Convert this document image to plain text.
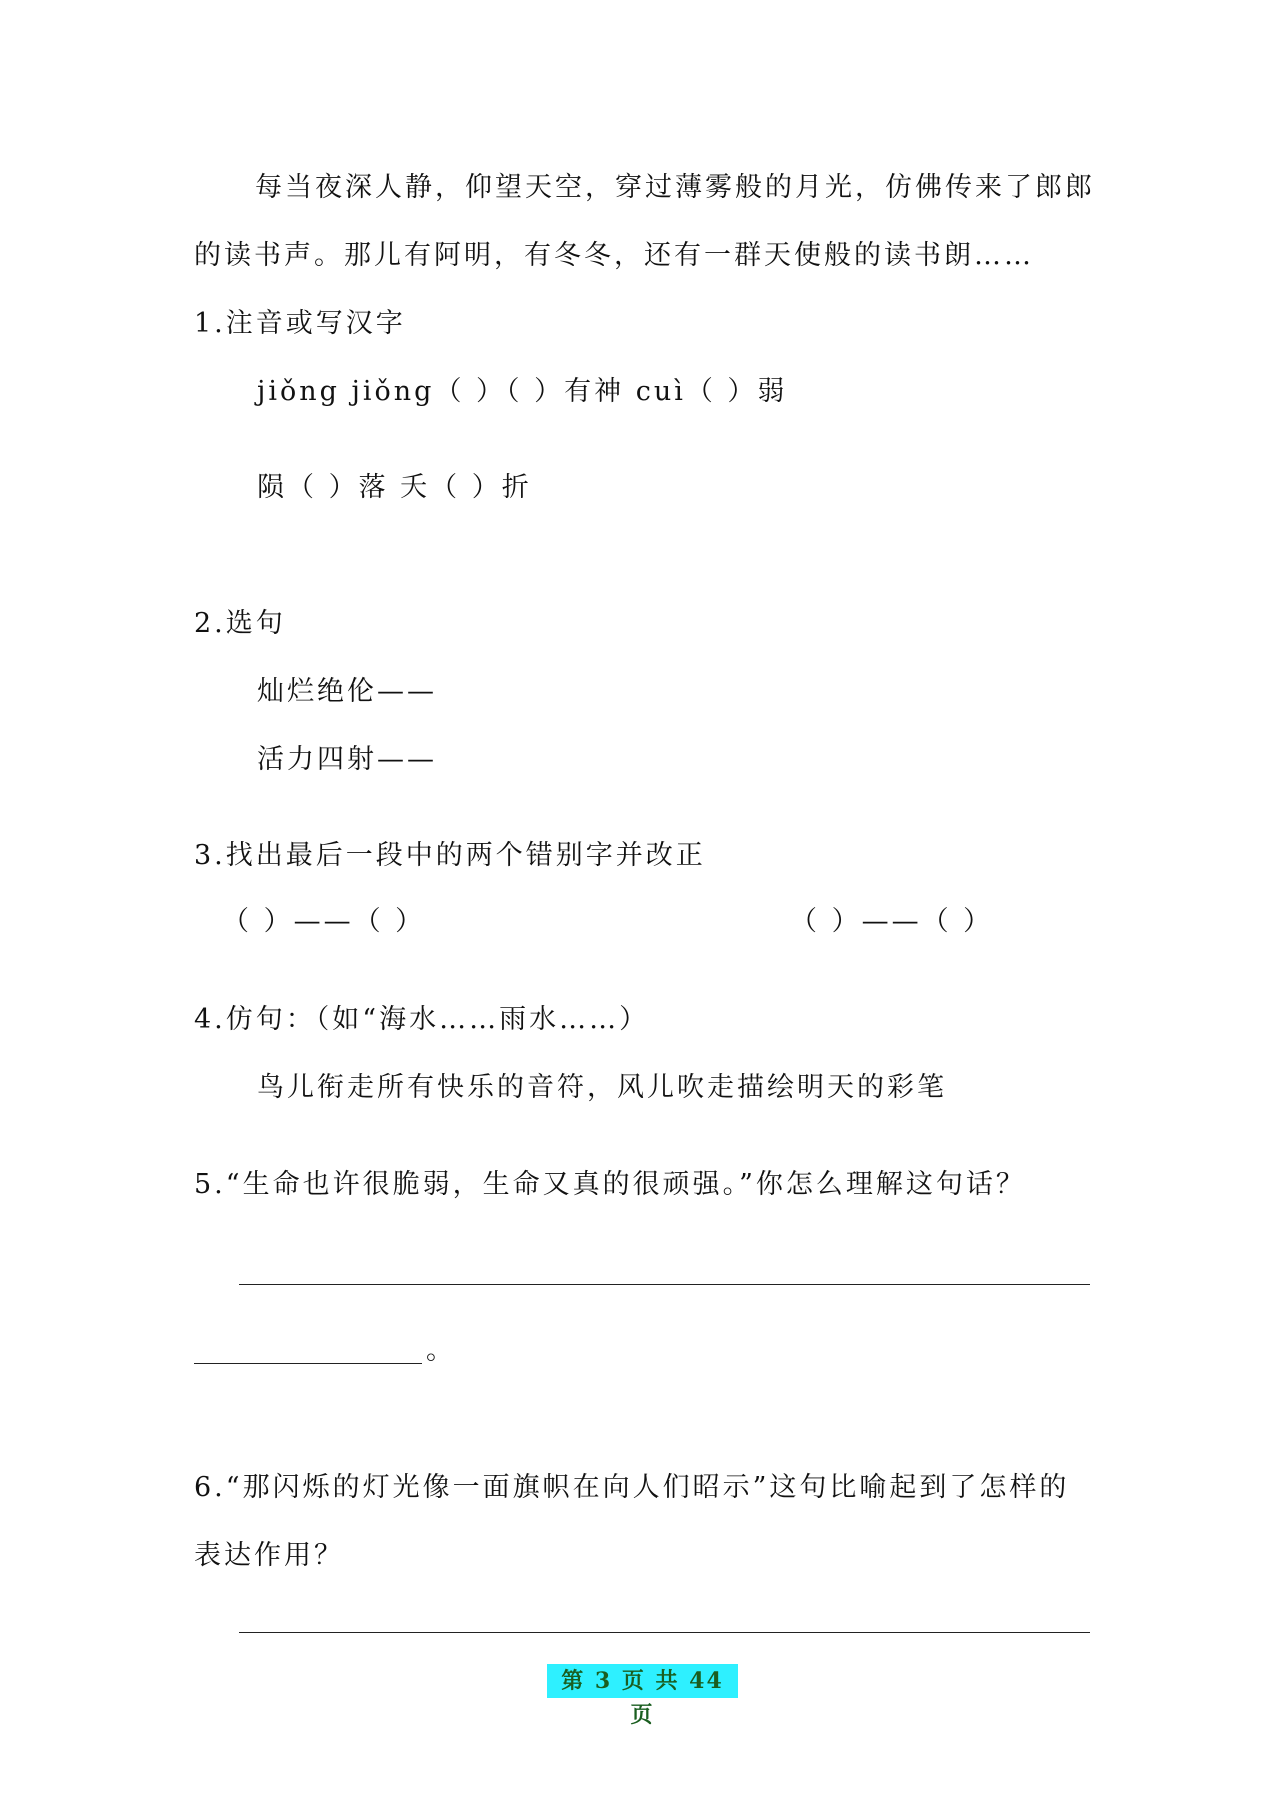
每当夜深人静，仰望天空，穿过薄雾般的月光，仿佛传来了郎郎
的读书声。那儿有阿明，有冬冬，还有一群天使般的读书朗……
1.注音或写汉字
jiǒng jiǒng（ ）（ ）有神 cuì（ ）弱
陨（ ）落 夭（ ）折
2.选句
灿烂绝伦——
活力四射——
3.找出最后一段中的两个错别字并改正
（ ）——（ ）	（ ）——（ ）
4.仿句：（如“海水……雨水……）
鸟儿衔走所有快乐的音符，风儿吹走描绘明天的彩笔
5.“生命也许很脆弱，生命又真的很顽强。”你怎么理解这句话？
。
6.“那闪烁的灯光像一面旗帜在向人们昭示”这句比喻起到了怎样的
表达作用？
第 3 页 共 44 页
